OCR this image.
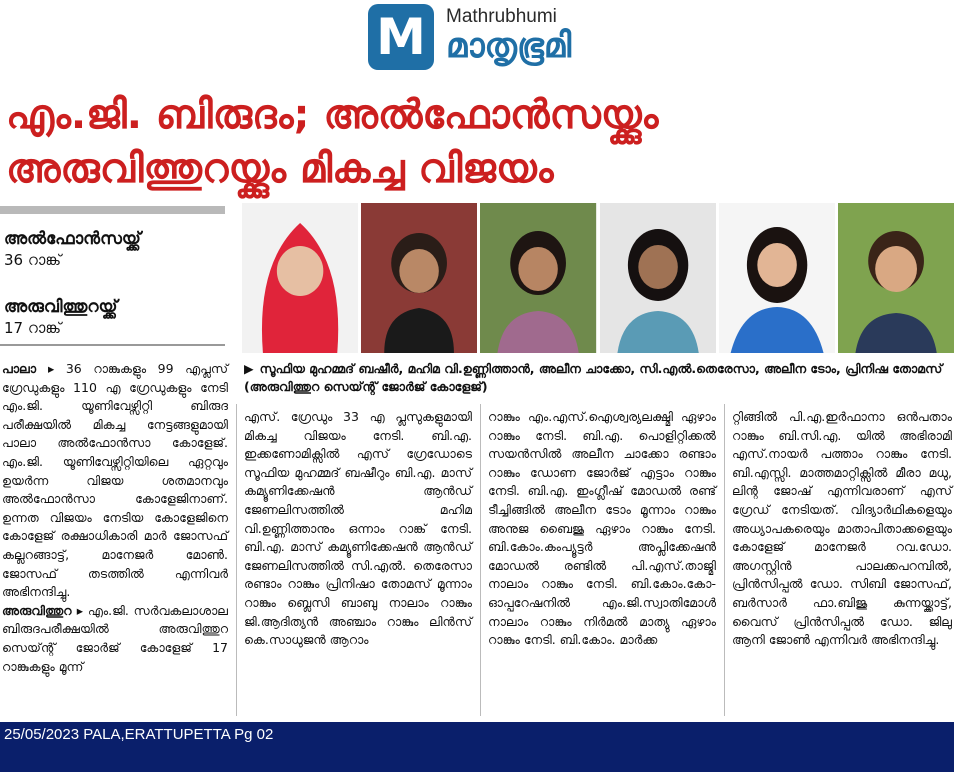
M Mathrubhumi
മാതൃഭൂമി
എം.ജി. ബിരുദം; അൽഫോൻസയ്ക്കും
അരുവിത്തുറയ്ക്കും മികച്ച വിജയം
അൽഫോൻസയ്ക്ക്
36 റാങ്ക്
അരുവിത്തുറയ്ക്ക്
17 റാങ്ക്

▶ സൂഫിയ മുഹമ്മദ് ബഷീർ, മഹിമ വി.ഉണ്ണിത്താൻ, അലീന ചാക്കോ, സി.എൽ.തെരേസാ, അലീന ടോം, പ്രിനിഷ തോമസ് (അരുവിത്തുറ സെയ്ന്റ് ജോർജ് കോളേജ്)

പാലാ ▸ 36 റാങ്കുകളും 99 എപ്ലസ് ഗ്രേഡുകളും 110 എ ഗ്രേഡുകളും നേടി എം.ജി. യൂണിവേഴ്സിറ്റി ബിരുദ പരീക്ഷയിൽ മികച്ച നേട്ടങ്ങളുമായി പാലാ അൽഫോൻസാ കോളേജ്. എം.ജി. യൂണിവേഴ്സിറ്റിയിലെ ഏറ്റവും ഉയർന്ന വിജയ ശതമാനവും അൽഫോൻസാ കോളേജിനാണ്. ഉന്നത വിജയം നേടിയ കോളേജിനെ കോളേജ് രക്ഷാധികാരി മാർ ജോസഫ് കല്ലറങ്ങാട്ട്, മാനേജർ മോൺ. ജോസഫ് തടത്തിൽ എന്നിവർ അഭിനന്ദിച്ചു.
അരുവിത്തുറ ▸ എം.ജി. സർവകലാശാല ബിരുദപരീക്ഷയിൽ അരുവിത്തുറ സെയ്ന്റ് ജോർജ് കോളേജ് 17 റാങ്കുകളും മൂന്ന്

എസ്. ഗ്രേഡും 33 എ പ്ലസുകളുമായി മികച്ച വിജയം നേടി. ബി.എ. ഇക്കണോമിക്സിൽ എസ് ഗ്രേഡോടെ സൂഫിയ മുഹമ്മദ് ബഷീറും ബി.എ. മാസ് കമ്യൂണിക്കേഷൻ ആൻഡ് ജേണലിസത്തിൽ മഹിമ വി.ഉണ്ണിത്താനും ഒന്നാം റാങ്ക് നേടി. ബി.എ. മാസ് കമ്യൂണിക്കേഷൻ ആൻഡ് ജേണലിസത്തിൽ സി.എൽ. തെരേസാ രണ്ടാം റാങ്കും പ്രിനിഷാ തോമസ് മൂന്നാം റാങ്കും ബ്ലെസി ബാബു നാലാം റാങ്കും ജി.ആദിത്യൻ അഞ്ചാം റാങ്കും ലിൻസ് കെ.സാധുജൻ ആറാം

റാങ്കും എം.എസ്.ഐശ്വര്യലക്ഷ്മി ഏഴാം റാങ്കും നേടി. ബി.എ. പൊളിറ്റിക്കൽ സയൻസിൽ അലീന ചാക്കോ രണ്ടാം റാങ്കും ഡോണ ജോർജ് എട്ടാം റാങ്കും നേടി. ബി.എ. ഇംഗ്ലീഷ് മോഡൽ രണ്ട് ടീച്ചിങ്ങിൽ അലീന ടോം മൂന്നാം റാങ്കും അനുജ ബൈജു ഏഴാം റാങ്കും നേടി. ബി.കോം.കംപ്യൂട്ടർ അപ്ലിക്കേഷൻ മോഡൽ രണ്ടിൽ പി.എസ്.താജ്മി നാലാം റാങ്കും നേടി. ബി.കോം.കോ-ഓപ്പറേഷനിൽ എം.ജി.സ്വാതിമോൾ നാലാം റാങ്കും നിർമൽ മാത്യു ഏഴാം റാങ്കും നേടി. ബി.കോം. മാർക്ക

റ്റിങ്ങിൽ പി.എ.ഇർഫാനാ ഒൻപതാം റാങ്കും ബി.സി.എ. യിൽ അഭിരാമി എസ്.നായർ പത്താം റാങ്കും നേടി. ബി.എസ്സി. മാത്തമാറ്റിക്സിൽ മീരാ മധു, ലിന്റ ജോഷ് എന്നിവരാണ് എസ് ഗ്രേഡ് നേടിയത്. വിദ്യാർഥികളെയും അധ്യാപകരെയും മാതാപിതാക്കളെയും കോളേജ് മാനേജർ റവ.ഡോ. അഗസ്റ്റിൻ പാലക്കപറമ്പിൽ, പ്രിൻസിപ്പൽ ഡോ. സിബി ജോസഫ്, ബർസാർ ഫാ.ബിജു കുന്നയ്ക്കാട്ട്, വൈസ് പ്രിൻസിപ്പൽ ഡോ. ജിലു ആനി ജോൺ എന്നിവർ അഭിനന്ദിച്ചു.

25/05/2023 PALA,ERATTUPETTA Pg 02
